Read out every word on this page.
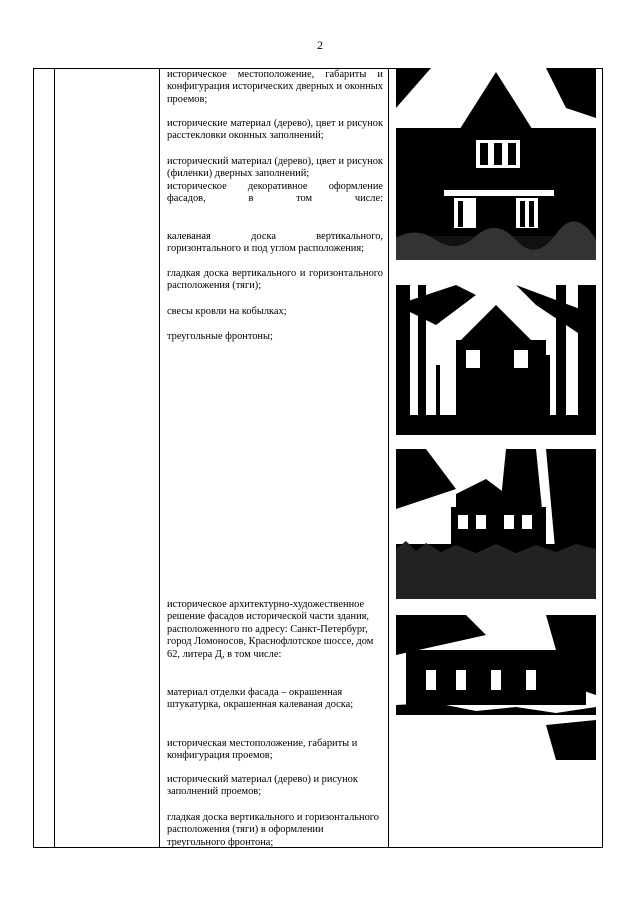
2
историческое местоположение, габариты и конфигурация исторических дверных и оконных проемов;
исторические материал (дерево), цвет и рисунок расстекловки оконных заполнений;
исторический материал (дерево), цвет и рисунок (филенки) дверных заполнений;
историческое декоративное оформление фасадов, в том числе:
калеваная доска вертикального, горизонтального и под углом расположения;
гладкая доска вертикального и горизонтального расположения (тяги);
свесы кровли на кобылках;
треугольные фронтоны;
историческое архитектурно-художественное решение фасадов исторической части здания, расположенного по адресу: Санкт-Петербург, город Ломоносов, Краснофлотское шоссе, дом 62, литера Д, в том числе:
материал отделки фасада – окрашенная штукатурка, окрашенная калеваная доска;
историческая местоположение, габариты и конфигурация проемов;
исторический материал (дерево) и рисунок заполнений проемов;
гладкая доска вертикального и горизонтального расположения (тяги) в оформлении треугольного фронтона;
